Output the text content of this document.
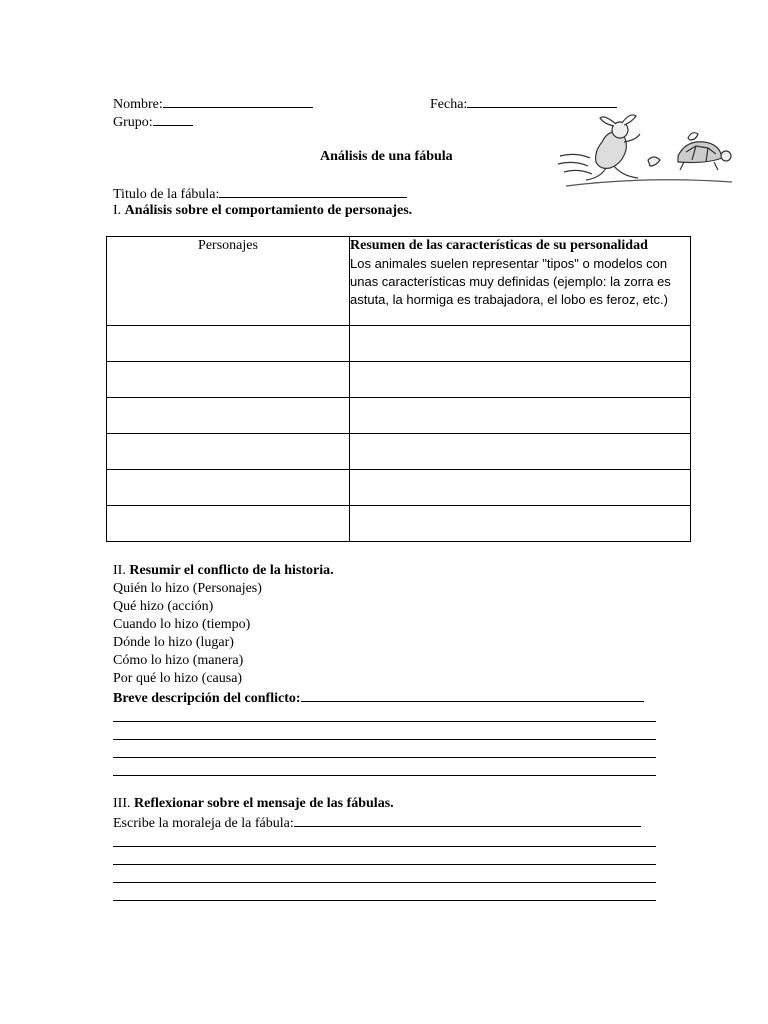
Nombre:	Fecha:
Grupo:
Análisis de una fábula
Titulo de la fábula:
I. Análisis sobre el comportamiento de personajes.
Personajes	Resumen de las características de su personalidad
Los animales suelen representar "tipos" o modelos con unas características muy definidas (ejemplo: la zorra es astuta, la hormiga es trabajadora, el lobo es feroz, etc.)

II. Resumir el conflicto de la historia.
Quién lo hizo (Personajes)
Qué hizo (acción)
Cuando lo hizo (tiempo)
Dónde lo hizo (lugar)
Cómo lo hizo (manera)
Por qué lo hizo (causa)
Breve descripción del conflicto:
III. Reflexionar sobre el mensaje de las fábulas.
Escribe la moraleja de la fábula:
